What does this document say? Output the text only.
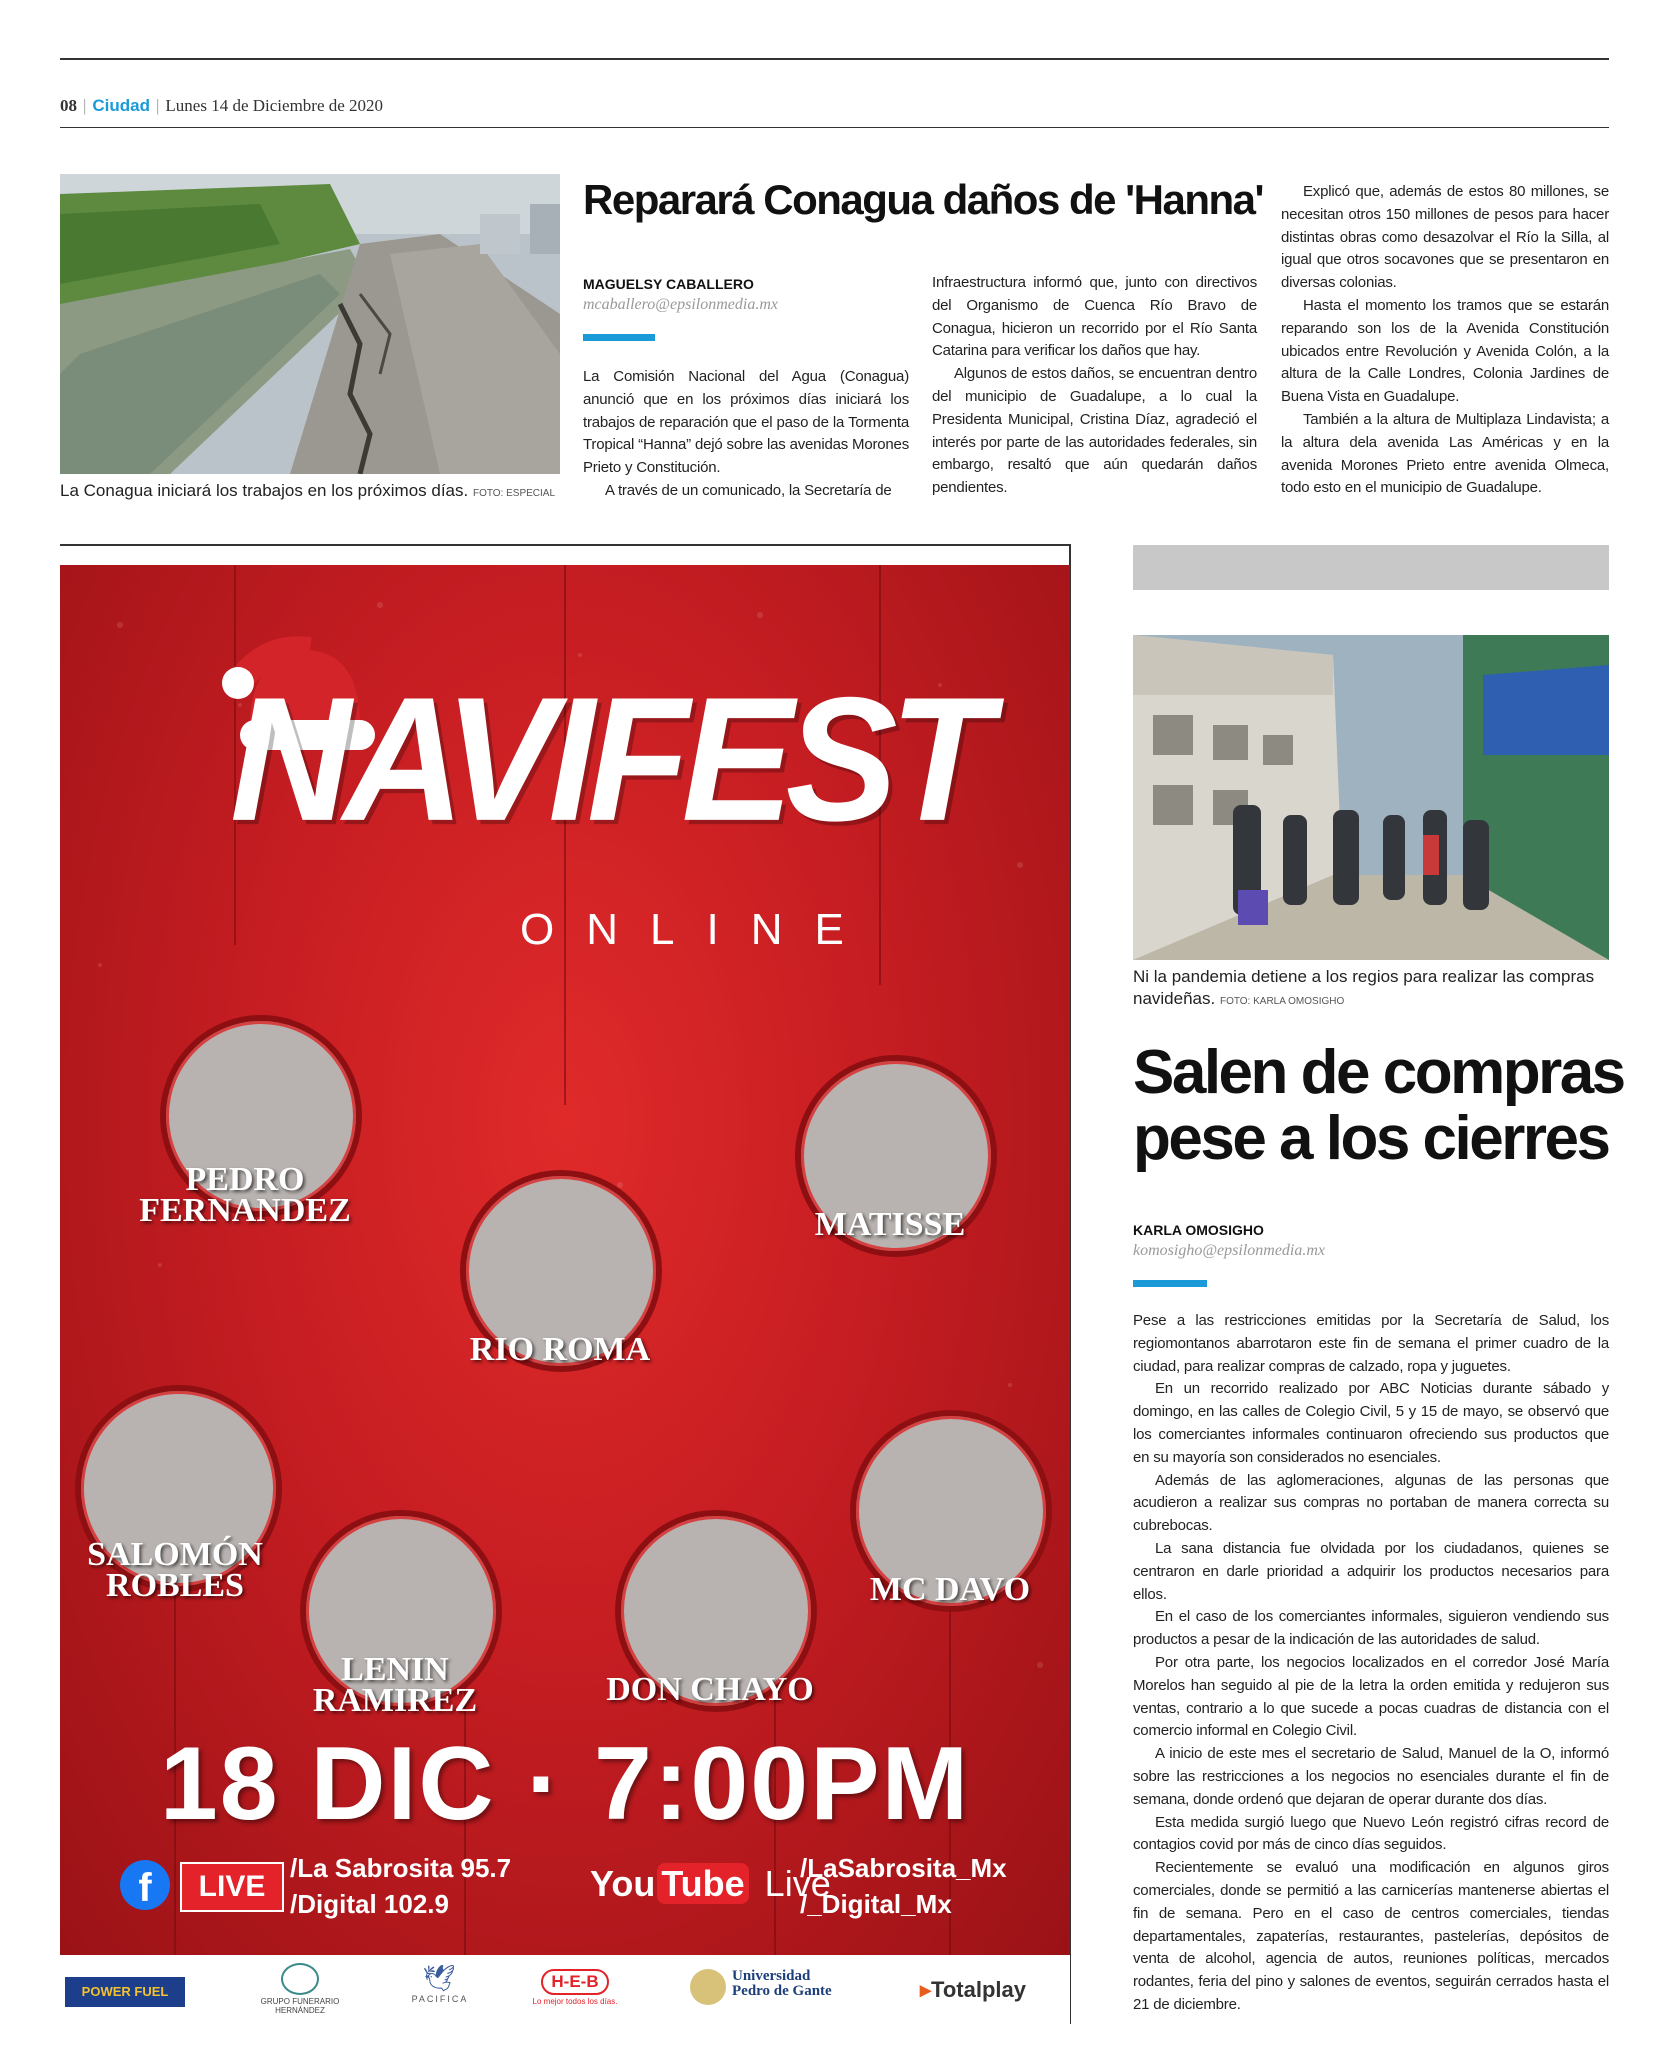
08 | Ciudad | Lunes 14 de Diciembre de 2020
La Conagua iniciará los trabajos en los próximos días. FOTO: ESPECIAL
Reparará Conagua daños de 'Hanna'
MAGUELSY CABALLERO
mcaballero@epsilonmedia.mx

La Comisión Nacional del Agua (Conagua) anunció que en los próximos días iniciará los trabajos de reparación que el paso de la Tormenta Tropical “Hanna” dejó sobre las avenidas Morones Prieto y Constitución.

A través de un comunicado, la Secretaría de

Infraestructura informó que, junto con directivos del Organismo de Cuenca Río Bravo de Conagua, hicieron un recorrido por el Río Santa Catarina para verificar los daños que hay.

Algunos de estos daños, se encuentran dentro del municipio de Guadalupe, a lo cual la Presidenta Municipal, Cristina Díaz, agradeció el interés por parte de las autoridades federales, sin embargo, resaltó que aún quedarán daños pendientes.

Explicó que, además de estos 80 millones, se necesitan otros 150 millones de pesos para hacer distintas obras como desazolvar el Río la Silla, al igual que otros socavones que se presentaron en diversas colonias.

Hasta el momento los tramos que se estarán reparando son los de la Avenida Constitución ubicados entre Revolución y Avenida Colón, a la altura de la Calle Londres, Colonia Jardines de Buena Vista en Guadalupe.

También a la altura de Multiplaza Lindavista; a la altura dela avenida Las Américas y en la avenida Morones Prieto entre avenida Olmeca, todo esto en el municipio de Guadalupe.

NAVIFEST
ONLINE
PEDRO FERNANDEZ
RIO ROMA
MATISSE
SALOMÓN ROBLES
LENIN RAMIREZ	DON CHAYO
MC DAVO
18 DIC · 7:00PM
f	LIVE
/La Sabrosita 95.7
/Digital 102.9	You Tube Live
/LaSabrosita_Mx
/_Digital_Mx
POWER FUEL
GRUPO FUNERARIO HERNÁNDEZ
🕊
PACIFICA
H-E-B
Lo mejor todos los días.
Universidad
Pedro de Gante	▸Totalplay
Ni la pandemia detiene a los regios para realizar las compras navideñas. FOTO: KARLA OMOSIGHO
Salen de compras
pese a los cierres
KARLA OMOSIGHO
komosigho@epsilonmedia.mx

Pese a las restricciones emitidas por la Secretaría de Salud, los regiomontanos abarrotaron este fin de semana el primer cuadro de la ciudad, para realizar compras de calzado, ropa y juguetes.

En un recorrido realizado por ABC Noticias durante sábado y domingo, en las calles de Colegio Civil, 5 y 15 de mayo, se observó que los comerciantes informales continuaron ofreciendo sus productos que en su mayoría son considerados no esenciales.

Además de las aglomeraciones, algunas de las personas que acudieron a realizar sus compras no portaban de manera correcta su cubrebocas.

La sana distancia fue olvidada por los ciudadanos, quienes se centraron en darle prioridad a adquirir los productos necesarios para ellos.

En el caso de los comerciantes informales, siguieron vendiendo sus productos a pesar de la indicación de las autoridades de salud.

Por otra parte, los negocios localizados en el corredor José María Morelos han seguido al pie de la letra la orden emitida y redujeron sus ventas, contrario a lo que sucede a pocas cuadras de distancia con el comercio informal en Colegio Civil.

A inicio de este mes el secretario de Salud, Manuel de la O, informó sobre las restricciones a los negocios no esenciales durante el fin de semana, donde ordenó que dejaran de operar durante dos días.

Esta medida surgió luego que Nuevo León registró cifras record de contagios covid por más de cinco días seguidos.

Recientemente se evaluó una modificación en algunos giros comerciales, donde se permitió a las carnicerías mantenerse abiertas el fin de semana. Pero en el caso de centros comerciales, tiendas departamentales, zapaterías, restaurantes, pastelerías, depósitos de venta de alcohol, agencia de autos, reuniones políticas, mercados rodantes, feria del pino y salones de eventos, seguirán cerrados hasta el 21 de diciembre.
